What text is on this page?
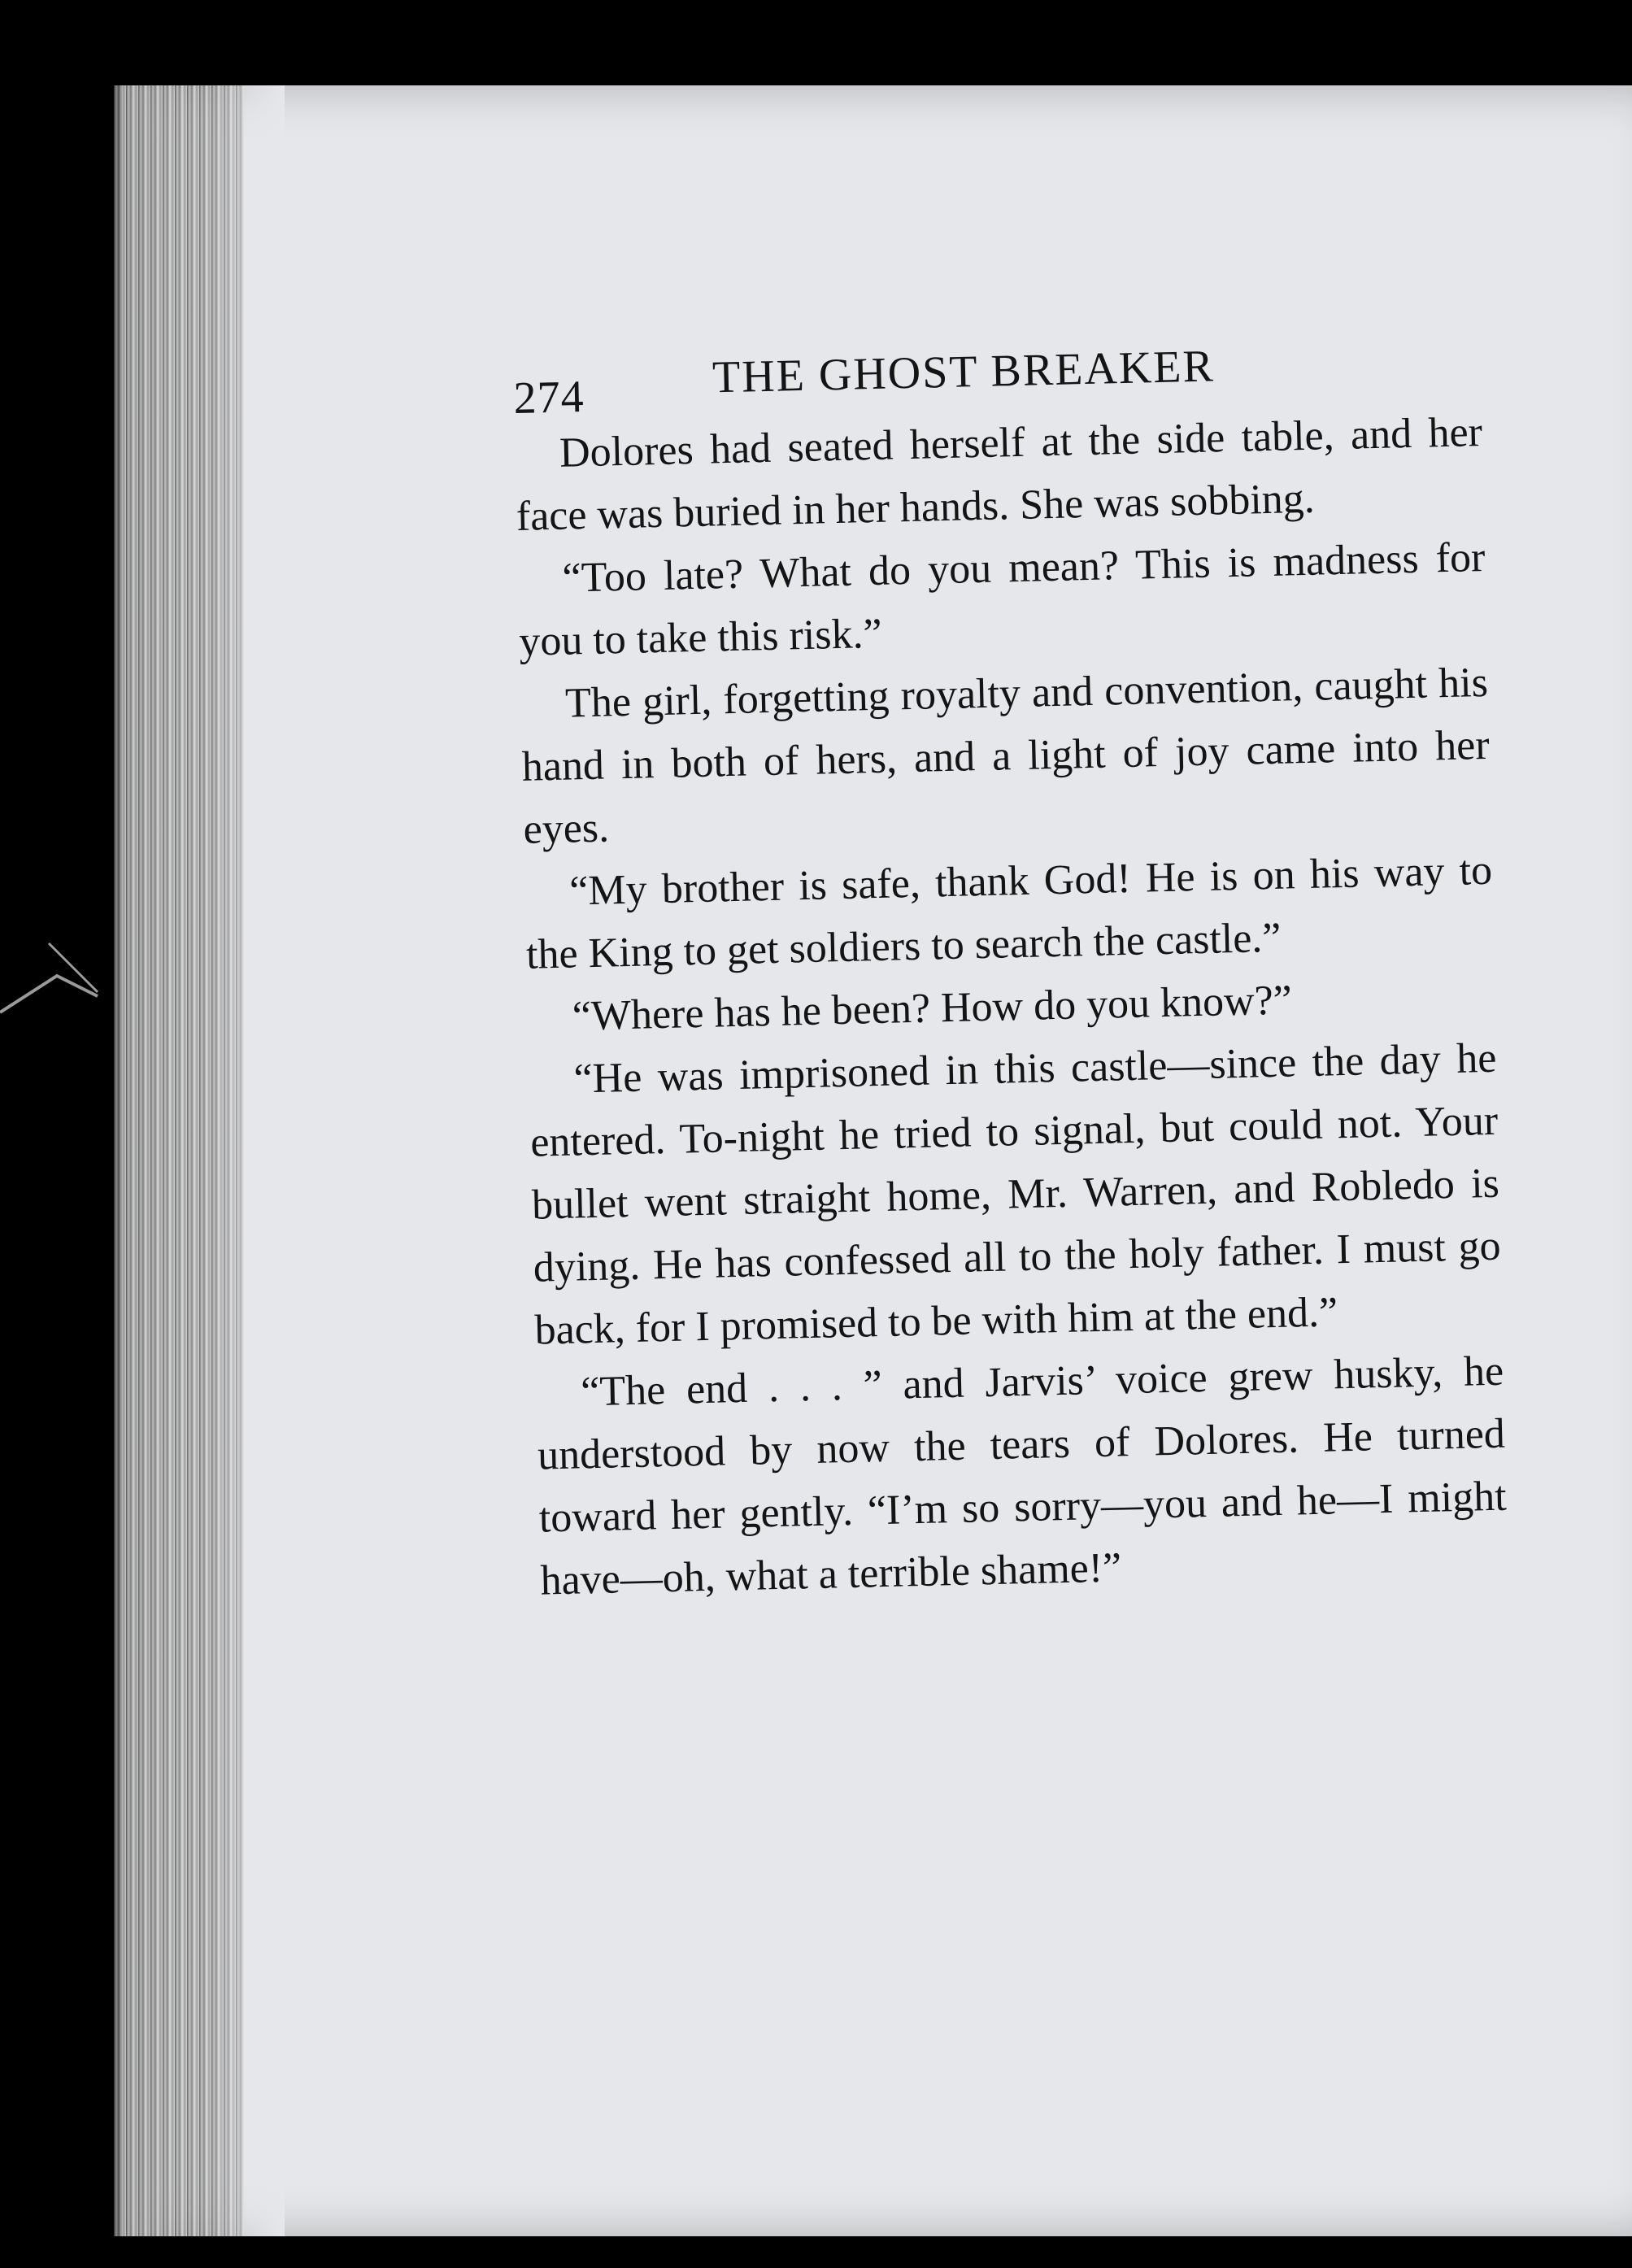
274	THE GHOST BREAKER

Dolores had seated herself at the side table, and her face was buried in her hands. She was sobbing.

“Too late? What do you mean? This is madness for you to take this risk.”

The girl, forgetting royalty and convention, caught his hand in both of hers, and a light of joy came into her eyes.

“My brother is safe, thank God! He is on his way to the King to get soldiers to search the castle.”

“Where has he been? How do you know?”

“He was imprisoned in this castle—since the day he entered. To-night he tried to signal, but could not. Your bullet went straight home, Mr. Warren, and Robledo is dying. He has confessed all to the holy father. I must go back, for I promised to be with him at the end.”

“The end . . . ” and Jarvis’ voice grew husky, he understood by now the tears of Dolores. He turned toward her gently. “I’m so sorry—you and he—I might have—oh, what a terrible shame!”
